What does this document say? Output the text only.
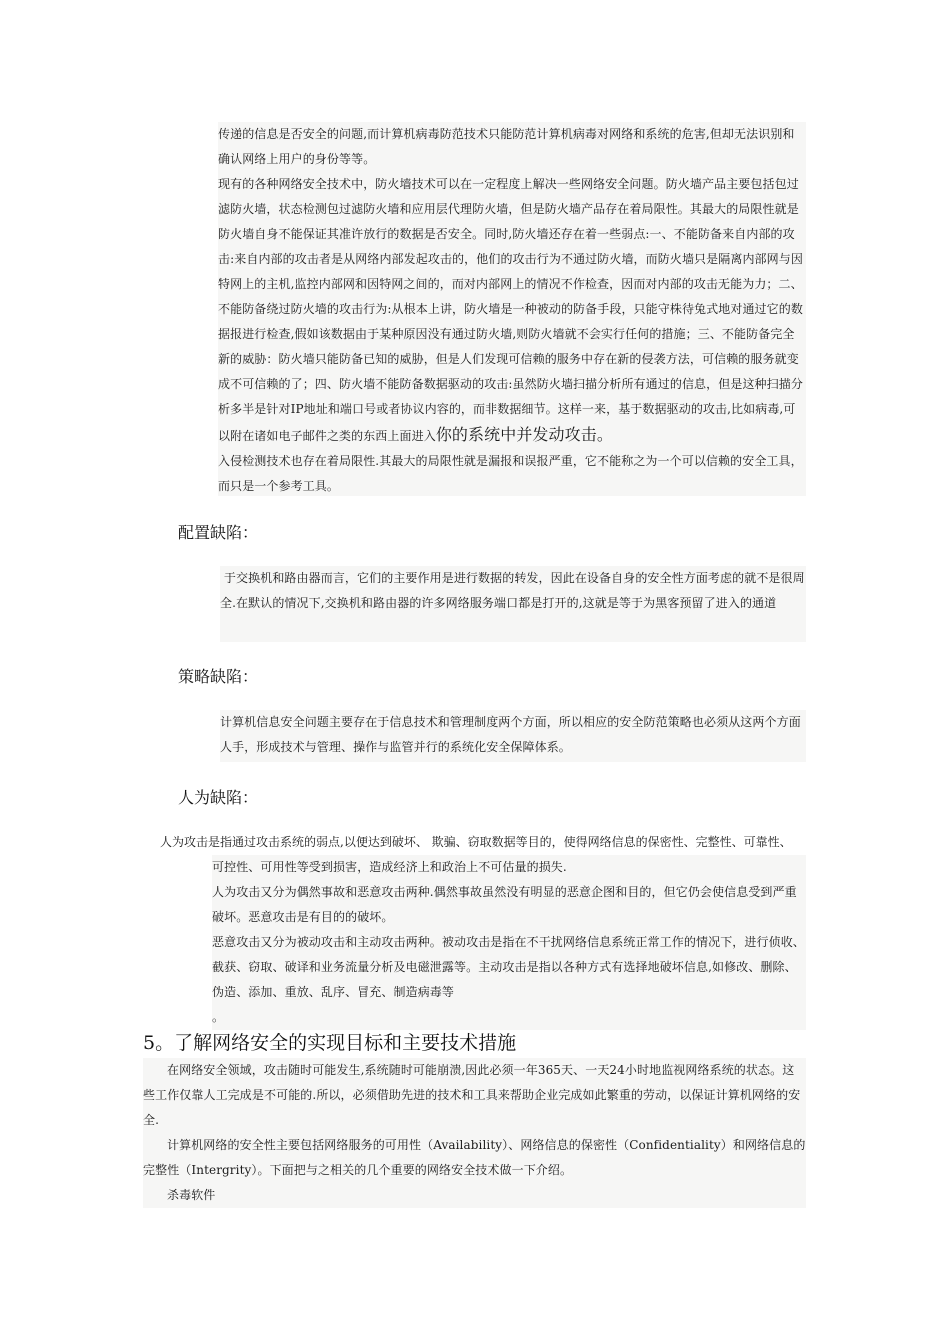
传递的信息是否安全的问题,而计算机病毒防范技术只能防范计算机病毒对网络和系统的危害,但却无法识别和确认网络上用户的身份等等。

现有的各种网络安全技术中，防火墙技术可以在一定程度上解决一些网络安全问题。防火墙产品主要包括包过滤防火墙，状态检测包过滤防火墙和应用层代理防火墙，但是防火墙产品存在着局限性。其最大的局限性就是防火墙自身不能保证其准许放行的数据是否安全。同时,防火墙还存在着一些弱点:一、不能防备来自内部的攻击:来自内部的攻击者是从网络内部发起攻击的，他们的攻击行为不通过防火墙，而防火墙只是隔离内部网与因特网上的主机,监控内部网和因特网之间的，而对内部网上的情况不作检查，因而对内部的攻击无能为力；二、不能防备绕过防火墙的攻击行为:从根本上讲，防火墙是一种被动的防备手段，只能守株待兔式地对通过它的数据报进行检查,假如该数据由于某种原因没有通过防火墙,则防火墙就不会实行任何的措施；三、不能防备完全新的威胁：防火墙只能防备已知的威胁，但是人们发现可信赖的服务中存在新的侵袭方法，可信赖的服务就变成不可信赖的了；四、防火墙不能防备数据驱动的攻击:虽然防火墙扫描分析所有通过的信息，但是这种扫描分析多半是针对IP地址和端口号或者协议内容的，而非数据细节。这样一来，基于数据驱动的攻击,比如病毒,可以附在诸如电子邮件之类的东西上面进入你的系统中并发动攻击。

入侵检测技术也存在着局限性.其最大的局限性就是漏报和误报严重，它不能称之为一个可以信赖的安全工具，而只是一个参考工具。

配置缺陷：

于交换机和路由器而言，它们的主要作用是进行数据的转发，因此在设备自身的安全性方面考虑的就不是很周全.在默认的情况下,交换机和路由器的许多网络服务端口都是打开的,这就是等于为黑客预留了进入的通道

策略缺陷：

计算机信息安全问题主要存在于信息技术和管理制度两个方面，所以相应的安全防范策略也必须从这两个方面人手，形成技术与管理、操作与监管并行的系统化安全保障体系。

人为缺陷：
人为攻击是指通过攻击系统的弱点,以便达到破坏、 欺骗、窃取数据等目的，使得网络信息的保密性、完整性、可靠性、

可控性、可用性等受到损害，造成经济上和政治上不可估量的损失.

人为攻击又分为偶然事故和恶意攻击两种.偶然事故虽然没有明显的恶意企图和目的，但它仍会使信息受到严重破坏。恶意攻击是有目的的破坏。

恶意攻击又分为被动攻击和主动攻击两种。被动攻击是指在不干扰网络信息系统正常工作的情况下，进行侦收、截获、窃取、破译和业务流量分析及电磁泄露等。主动攻击是指以各种方式有选择地破坏信息,如修改、删除、伪造、添加、重放、乱序、冒充、制造病毒等

。

5。了解网络安全的实现目标和主要技术措施

在网络安全领域，攻击随时可能发生,系统随时可能崩溃,因此必须一年365天、一天24小时地监视网络系统的状态。这些工作仅靠人工完成是不可能的.所以，必须借助先进的技术和工具来帮助企业完成如此繁重的劳动，以保证计算机网络的安全.

计算机网络的安全性主要包括网络服务的可用性（Availability）、网络信息的保密性（Confidentiality）和网络信息的完整性（Intergrity）。下面把与之相关的几个重要的网络安全技术做一下介绍。

杀毒软件
